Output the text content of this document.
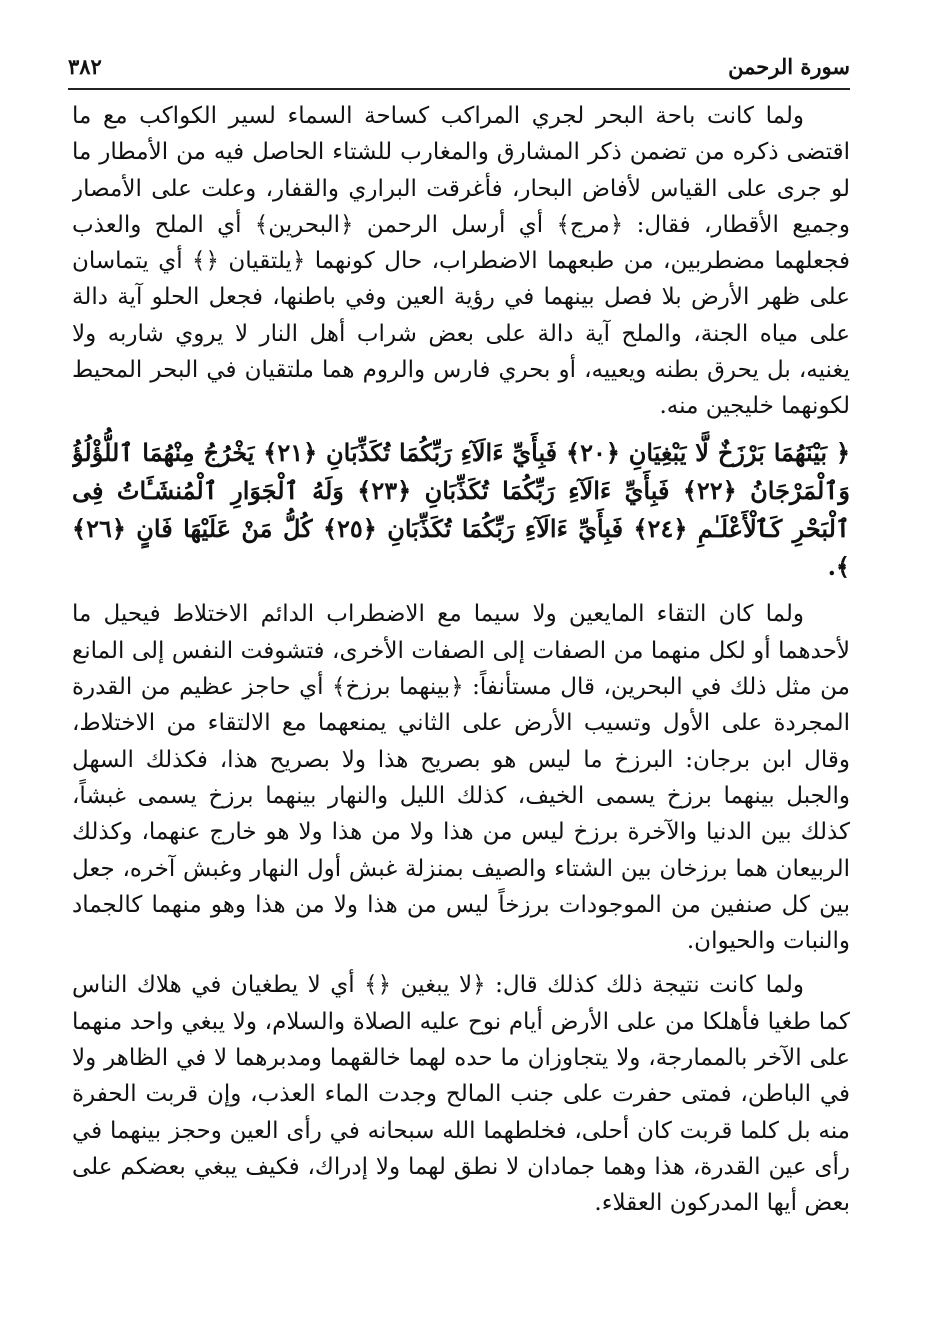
٣٨٢	سورة الرحمن

ولما كانت باحة البحر لجري المراكب كساحة السماء لسير الكواكب مع ما اقتضى ذكره من تضمن ذكر المشارق والمغارب للشتاء الحاصل فيه من الأمطار ما لو جرى على القياس لأفاض البحار، فأغرقت البراري والقفار، وعلت على الأمصار وجميع الأقطار، فقال: ﴿مرج﴾ أي أرسل الرحمن ﴿البحرين﴾ أي الملح والعذب فجعلهما مضطربين، من طبعهما الاضطراب، حال كونهما ﴿يلتقيان ﴿﴾ أي يتماسان على ظهر الأرض بلا فصل بينهما في رؤية العين وفي باطنها، فجعل الحلو آية دالة على مياه الجنة، والملح آية دالة على بعض شراب أهل النار لا يروي شاربه ولا يغنيه، بل يحرق بطنه ويعييه، أو بحري فارس والروم هما ملتقيان في البحر المحيط لكونهما خليجين منه.

﴿ بَيْنَهُمَا بَرْزَخٌ لَّا يَبْغِيَانِ ﴿٢٠﴾ فَبِأَيِّ ءَالَآءِ رَبِّكُمَا تُكَذِّبَانِ ﴿٢١﴾ يَخْرُجُ مِنْهُمَا ٱللُّؤْلُؤُ وَٱلْمَرْجَانُ ﴿٢٢﴾ فَبِأَيِّ ءَالَآءِ رَبِّكُمَا تُكَذِّبَانِ ﴿٢٣﴾ وَلَهُ ٱلْجَوَارِ ٱلْمُنشَـَٔاتُ فِى ٱلْبَحْرِ كَٱلْأَعْلَـٰمِ ﴿٢٤﴾ فَبِأَيِّ ءَالَآءِ رَبِّكُمَا تُكَذِّبَانِ ﴿٢٥﴾ كُلُّ مَنْ عَلَيْهَا فَانٍ ﴿٢٦﴾ ﴾.

ولما كان التقاء المايعين ولا سيما مع الاضطراب الدائم الاختلاط فيحيل ما لأحدهما أو لكل منهما من الصفات إلى الصفات الأخرى، فتشوفت النفس إلى المانع من مثل ذلك في البحرين، قال مستأنفاً: ﴿بينهما برزخ﴾ أي حاجز عظيم من القدرة المجردة على الأول وتسيب الأرض على الثاني يمنعهما مع الالتقاء من الاختلاط، وقال ابن برجان: البرزخ ما ليس هو بصريح هذا ولا بصريح هذا، فكذلك السهل والجبل بينهما برزخ يسمى الخيف، كذلك الليل والنهار بينهما برزخ يسمى غبشاً، كذلك بين الدنيا والآخرة برزخ ليس من هذا ولا من هذا ولا هو خارج عنهما، وكذلك الربيعان هما برزخان بين الشتاء والصيف بمنزلة غبش أول النهار وغبش آخره، جعل بين كل صنفين من الموجودات برزخاً ليس من هذا ولا من هذا وهو منهما كالجماد والنبات والحيوان.

ولما كانت نتيجة ذلك كذلك قال: ﴿لا يبغين ﴿﴾ أي لا يطغيان في هلاك الناس كما طغيا فأهلكا من على الأرض أيام نوح عليه الصلاة والسلام، ولا يبغي واحد منهما على الآخر بالممارجة، ولا يتجاوزان ما حده لهما خالقهما ومدبرهما لا في الظاهر ولا في الباطن، فمتى حفرت على جنب المالح وجدت الماء العذب، وإن قربت الحفرة منه بل كلما قربت كان أحلى، فخلطهما الله سبحانه في رأى العين وحجز بينهما في رأى عين القدرة، هذا وهما جمادان لا نطق لهما ولا إدراك، فكيف يبغي بعضكم على بعض أيها المدركون العقلاء.
